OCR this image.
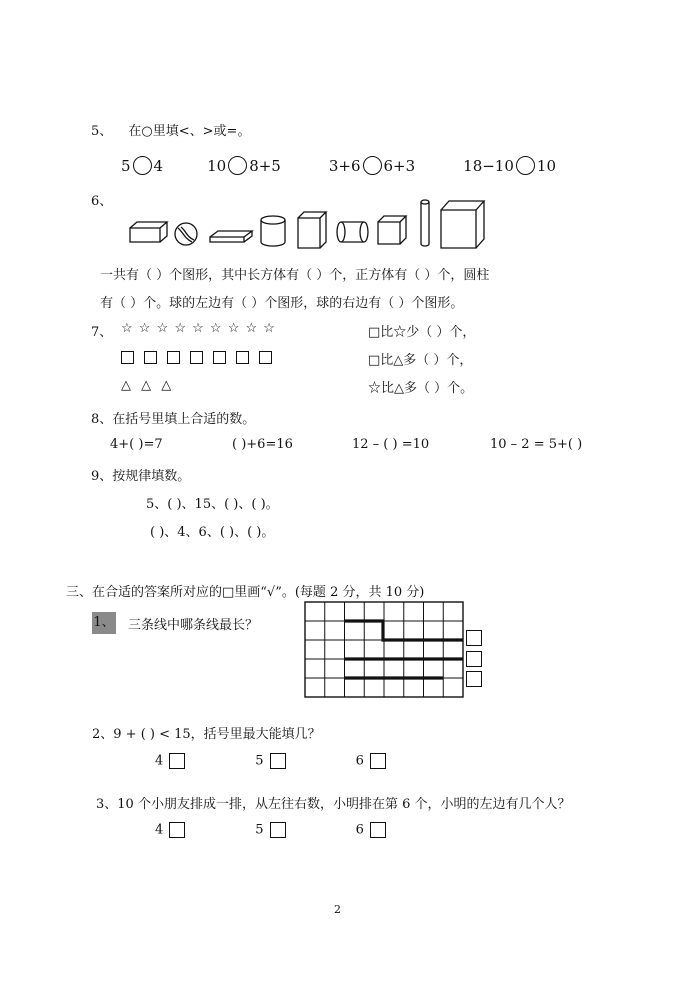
5、 在○里填<、>或=。
5 4	10 8+5	3+6 6+3	18−10 10
6、
一共有（ ）个图形，其中长方体有（ ）个，正方体有（ ）个，圆柱
有（ ）个。球的左边有（ ）个图形，球的右边有（ ）个图形。
7、 ☆ ☆ ☆ ☆ ☆ ☆ ☆ ☆ ☆
△ △ △
□比☆少（ ）个，
□比△多（ ）个，
☆比△多（ ）个。
8、在括号里填上合适的数。
4+( )=7	( )+6=16	12 – ( ) =10	10 – 2 = 5+( )
9、按规律填数。
5、( )、15、( )、( )。
( )、4、6、( )、( )。
三、在合适的答案所对应的□里画“√”。(每题 2 分，共 10 分)
1、 三条线中哪条线最长？
2、9 + ( ) < 15，括号里最大能填几？
4	5	6
3、10 个小朋友排成一排，从左往右数，小明排在第 6 个，小明的左边有几个人？
4	5	6
2
